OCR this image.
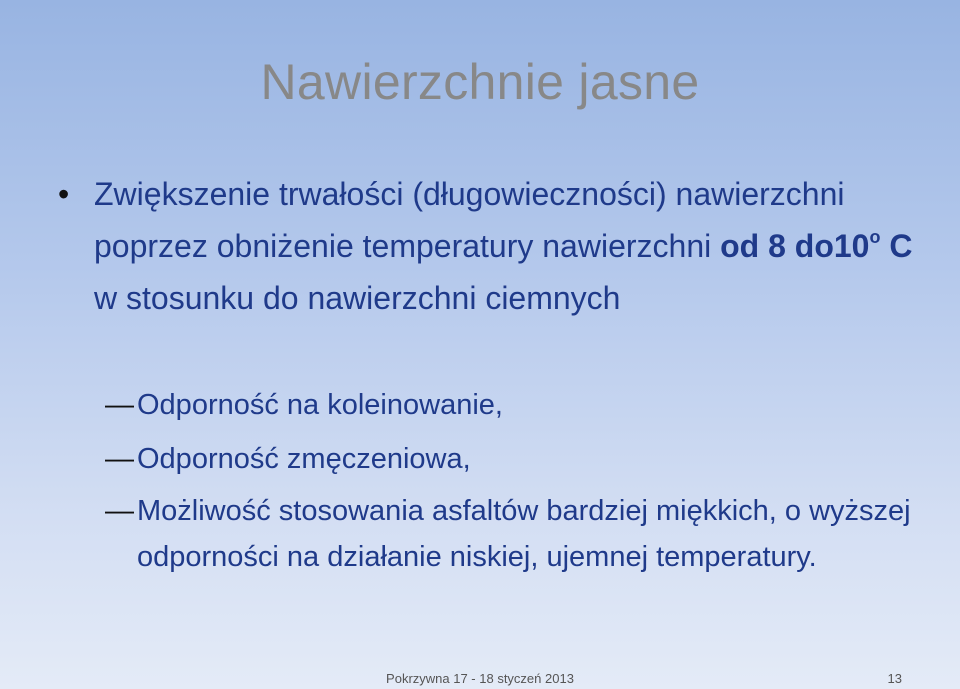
Nawierzchnie jasne
• Zwiększenie trwałości (długowieczności) nawierzchni poprzez obniżenie temperatury nawierzchni od 8 do10$^o$ C w stosunku do nawierzchni ciemnych
— Odporność na koleinowanie,
— Odporność zmęczeniowa,
— Możliwość stosowania asfaltów bardziej miękkich, o wyższej odporności na działanie niskiej, ujemnej temperatury.
Pokrzywna 17 - 18 styczeń 2013	13
